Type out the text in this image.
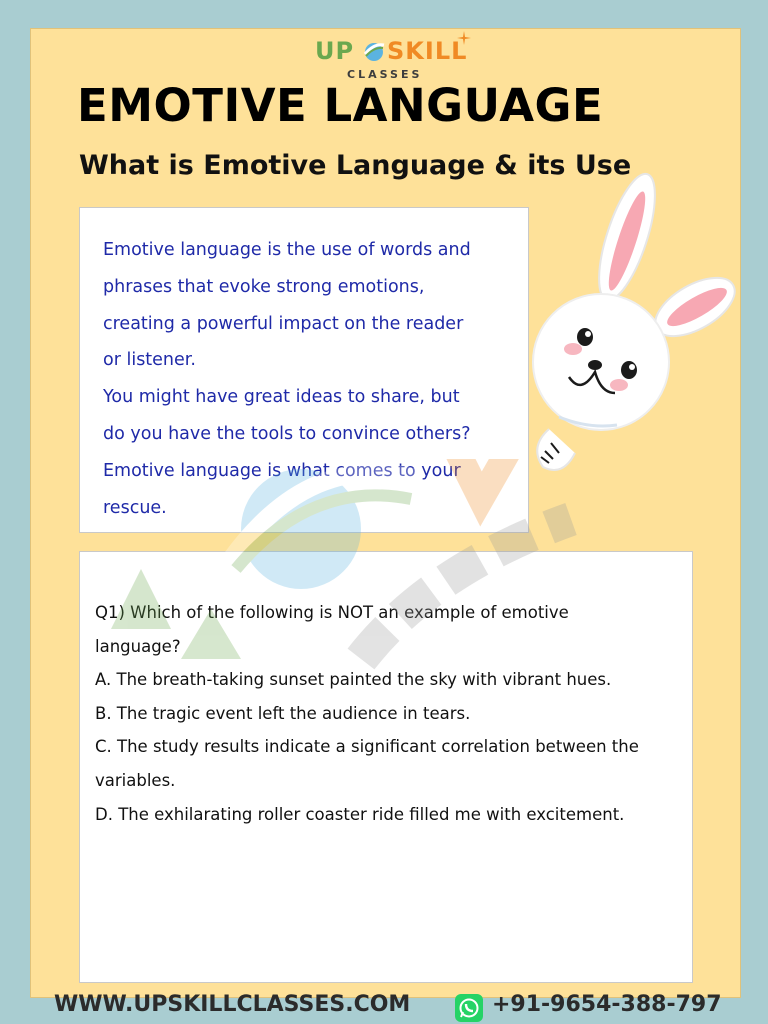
UP SKILL
CLASSES
EMOTIVE LANGUAGE
What is Emotive Language & its Use

Emotive language is the use of words and

phrases that evoke strong emotions,

creating a powerful impact on the reader

or listener.

You might have great ideas to share, but

do you have the tools to convince others?

Emotive language is what comes to your

rescue.

Q1) Which of the following is NOT an example of emotive

language?

A. The breath-taking sunset painted the sky with vibrant hues.

B. The tragic event left the audience in tears.

C. The study results indicate a significant correlation between the

variables.

D. The exhilarating roller coaster ride filled me with excitement.

WWW.UPSKILLCLASSES.COM	+91-9654-388-797
